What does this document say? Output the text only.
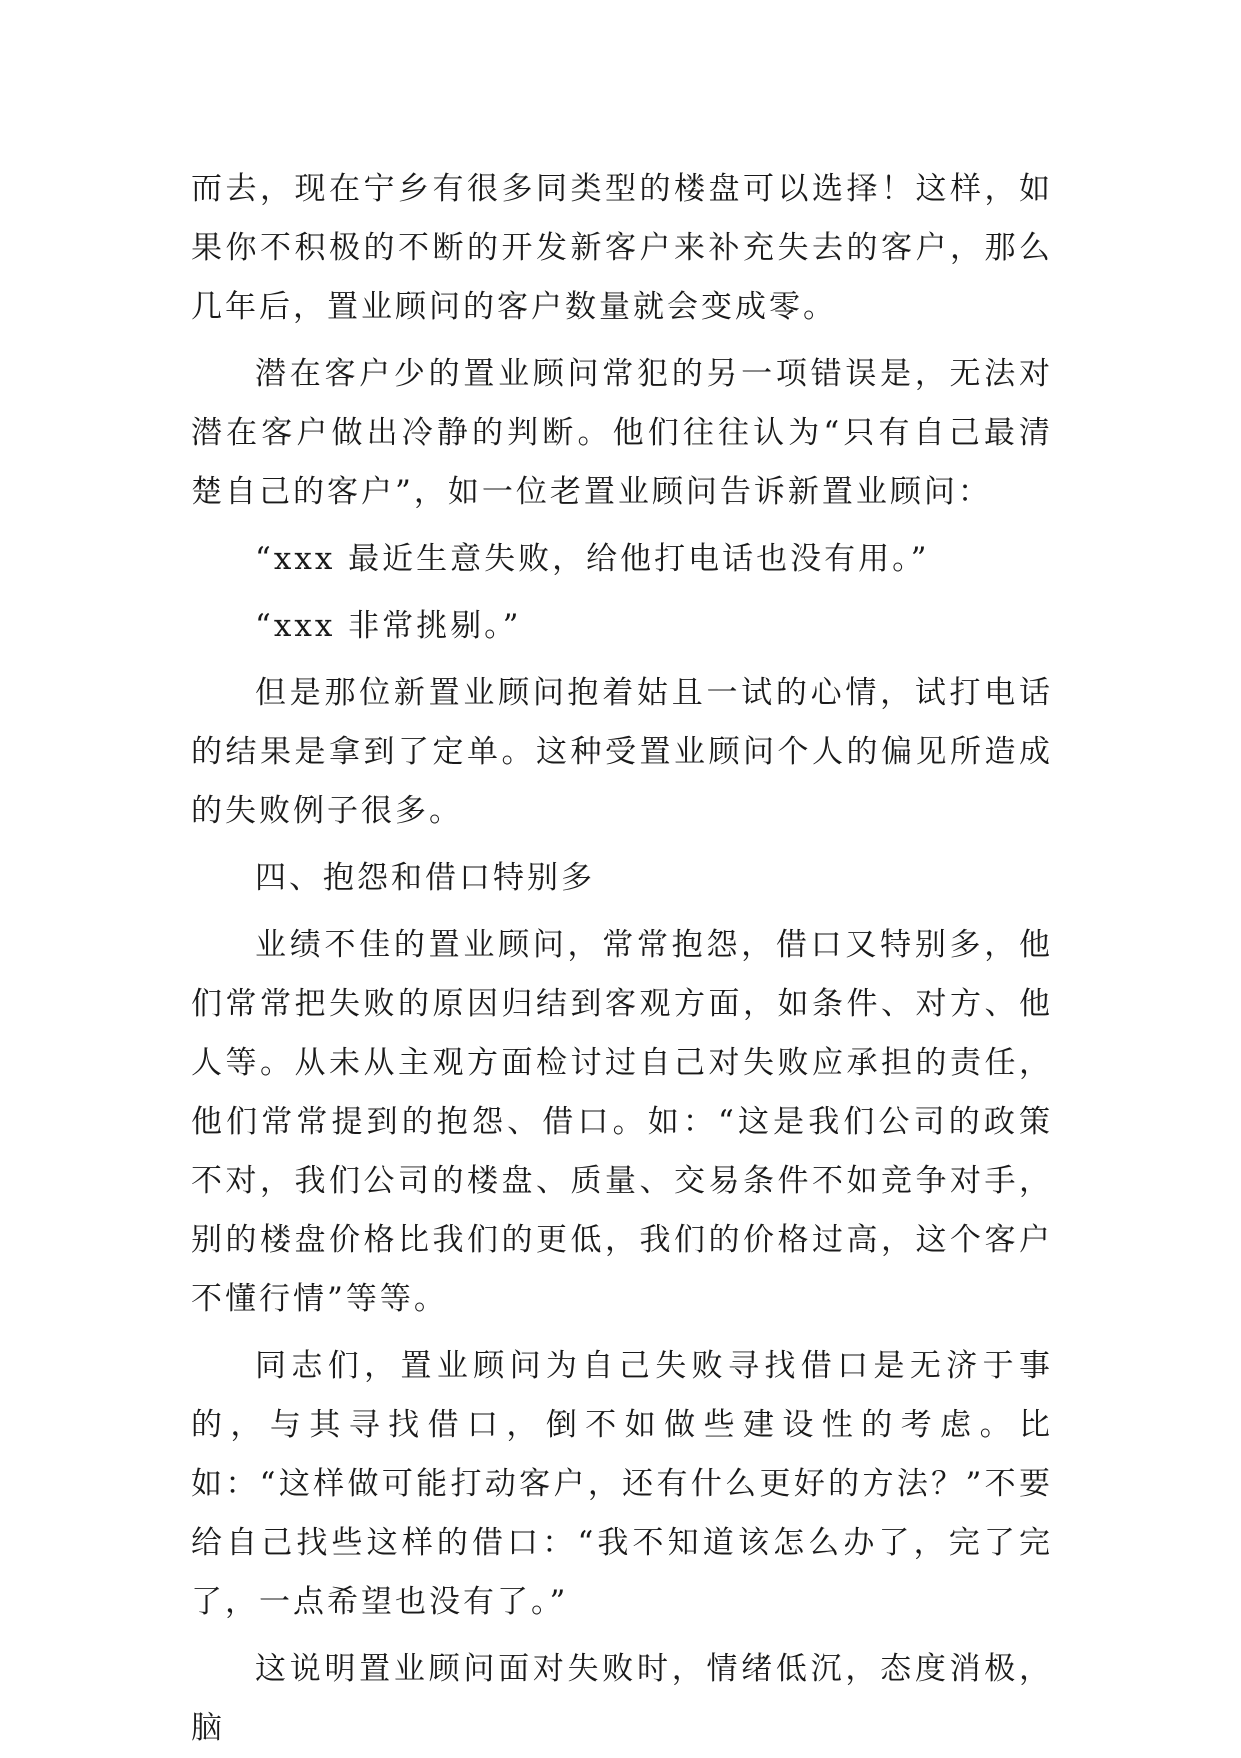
而去，现在宁乡有很多同类型的楼盘可以选择！这样，如果你不积极的不断的开发新客户来补充失去的客户，那么几年后，置业顾问的客户数量就会变成零。

潜在客户少的置业顾问常犯的另一项错误是，无法对潜在客户做出冷静的判断。他们往往认为“只有自己最清楚自己的客户”，如一位老置业顾问告诉新置业顾问：

“xxx 最近生意失败，给他打电话也没有用。”

“xxx 非常挑剔。”

但是那位新置业顾问抱着姑且一试的心情，试打电话的结果是拿到了定单。这种受置业顾问个人的偏见所造成的失败例子很多。

四、抱怨和借口特别多

业绩不佳的置业顾问，常常抱怨，借口又特别多，他们常常把失败的原因归结到客观方面，如条件、对方、他人等。从未从主观方面检讨过自己对失败应承担的责任，他们常常提到的抱怨、借口。如：“这是我们公司的政策不对，我们公司的楼盘、质量、交易条件不如竞争对手，别的楼盘价格比我们的更低，我们的价格过高，这个客户不懂行情”等等。

同志们，置业顾问为自己失败寻找借口是无济于事的，与其寻找借口，倒不如做些建设性的考虑。比如：“这样做可能打动客户，还有什么更好的方法？”不要给自己找些这样的借口：“我不知道该怎么办了，完了完了，一点希望也没有了。”

这说明置业顾问面对失败时，情绪低沉，态度消极，脑
